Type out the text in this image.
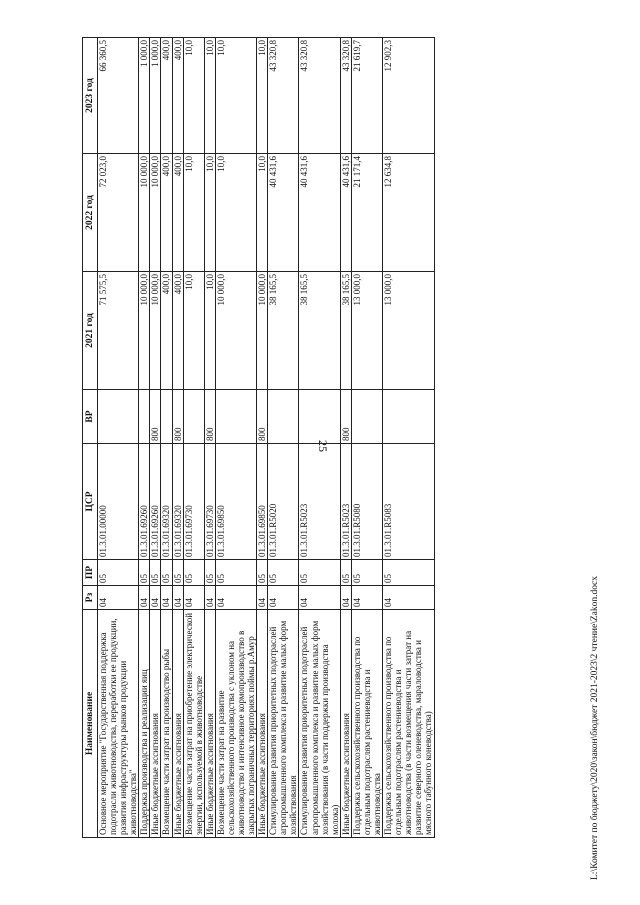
25
Наименование	Рз	ПР	ЦСР	ВР	2021 год	2022 год	2023 год
Основное мероприятие "Государственная поддержка подотрасли животноводства, переработки ее продукции, развития инфраструктуры рынков продукции животноводства"	04	05	01.3.01.00000		71 575,5	72 023,0	66 360,5
Поддержка производства и реализации яиц	04	05	01.3.01.69260		10 000,0	10 000,0	1 000,0
Иные бюджетные ассигнования	04	05	01.3.01.69260	800	10 000,0	10 000,0	1 000,0
Возмещение части затрат на производство рыбы	04	05	01.3.01.69320		400,0	400,0	400,0
Иные бюджетные ассигнования	04	05	01.3.01.69320	800	400,0	400,0	400,0
Возмещение части затрат на приобретение электрической энергии, используемой в животноводстве	04	05	01.3.01.69730		10,0	10,0	10,0
Иные бюджетные ассигнования	04	05	01.3.01.69730	800	10,0	10,0	10,0
Возмещение части затрат на развитие сельскохозяйственного производства с уклоном на животноводство и интенсивное кормопроизводство в закрытых пограничных территориях поймы р.Амур	04	05	01.3.01.69850		10 000,0	10,0	10,0
Иные бюджетные ассигнования	04	05	01.3.01.69850	800	10 000,0	10,0	10,0
Стимулирование развития приоритетных подотраслей агропромышленного комплекса и развитие малых форм хозяйствования	04	05	01.3.01.R5020		38 165,5	40 431,6	43 320,8
Стимулирование развития приоритетных подотраслей агропромышленного комплекса и развитие малых форм хозяйствования (в части поддержки производства молока)	04	05	01.3.01.R5023		38 165,5	40 431,6	43 320,8
Иные бюджетные ассигнования	04	05	01.3.01.R5023	800	38 165,5	40 431,6	43 320,8
Поддержка сельскохозяйственного производства по отдельным подотраслям растениеводства и животноводства	04	05	01.3.01.R5080		13 000,0	21 171,4	21 619,7
Поддержка сельскохозяйственного производства по отдельным подотраслям растениеводства и животноводства (в части возмещения части затрат на развитие северного оленеводства, мараловодства и мясного табунного коневодства)	04	05	01.3.01.R5083		13 000,0	12 634,8	12 902,3
L:\Комитет по бюджету\2020\закон\бюджет 2021-2023\2 чтение\Zakon.docx
